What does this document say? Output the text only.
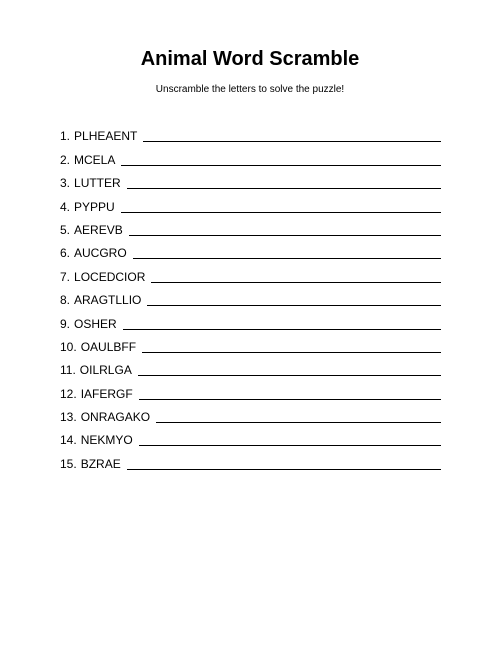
Animal Word Scramble
Unscramble the letters to solve the puzzle!
1. PLHEAENT
2. MCELA
3. LUTTER
4. PYPPU
5. AEREVB
6. AUCGRO
7. LOCEDCIOR
8. ARAGTLLIO
9. OSHER
10. OAULBFF
11. OILRLGA
12. IAFERGF
13. ONRAGAKO
14. NEKMYO
15. BZRAE
